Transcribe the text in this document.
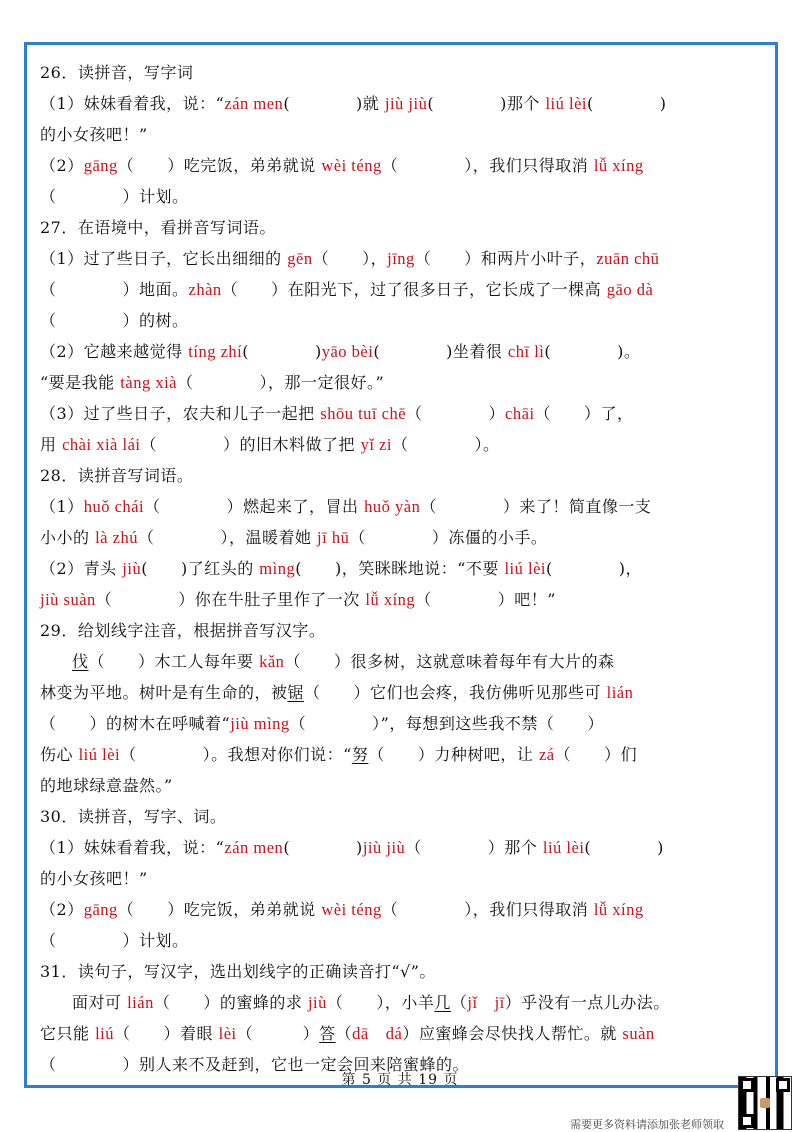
26．读拼音，写字词
（1）妹妹看着我，说：“zán men(　　　　)就 jiù jiù(　　　　)那个 liú lèi(　　　　)
的小女孩吧！”
（2）gāng（　　）吃完饭，弟弟就说 wèi téng（　　　　），我们只得取消 lǚ xíng
（　　　　）计划。
27．在语境中，看拼音写词语。
（1）过了些日子，它长出细细的 gēn（　　），jīng（　　）和两片小叶子，zuān chū
（　　　　）地面。zhàn（　　）在阳光下，过了很多日子，它长成了一棵高 gāo dà
（　　　　）的树。
（2）它越来越觉得 tíng zhí(　　　　)yāo bèi(　　　　)坐着很 chī lì(　　　　)。
“要是我能 tàng xià（　　　　），那一定很好。”
（3）过了些日子，农夫和儿子一起把 shōu tuī chē（　　　　）chāi（　　）了，
用 chài xià lái（　　　　）的旧木料做了把 yǐ zi（　　　　）。
28．读拼音写词语。
（1）huǒ chái（　　　　）燃起来了，冒出 huǒ yàn（　　　　）来了！简直像一支
小小的 là zhú（　　　　），温暖着她 jī hū（　　　　）冻僵的小手。
（2）青头 jiù(　　)了红头的 mìng(　　)，笑眯眯地说：“不要 liú lèi(　　　　)，
jiù suàn（　　　　）你在牛肚子里作了一次 lǚ xíng（　　　　）吧！”
29．给划线字注音，根据拼音写汉字。
伐（　　）木工人每年要 kǎn（　　）很多树，这就意味着每年有大片的森
林变为平地。树叶是有生命的，被锯（　　）它们也会疼，我仿佛听见那些可 lián
（　　）的树木在呼喊着“jiù mìng（　　　　）”，每想到这些我不禁（　　）
伤心 liú lèi（　　　　）。我想对你们说：“努（　　）力种树吧，让 zá（　　）们
的地球绿意盎然。”
30．读拼音，写字、词。
（1）妹妹看着我，说：“zán men(　　　　)jiù jiù（　　　　）那个 liú lèi(　　　　)
的小女孩吧！”
（2）gāng（　　）吃完饭，弟弟就说 wèi téng（　　　　），我们只得取消 lǚ xíng
（　　　　）计划。
31．读句子，写汉字，选出划线字的正确读音打“√”。
面对可 lián（　　）的蜜蜂的求 jiù（　　），小羊几（jǐ　jī）乎没有一点儿办法。
它只能 liú（　　）着眼 lèi（　　　）答（dā　dá）应蜜蜂会尽快找人帮忙。就 suàn
（　　　　）别人来不及赶到，它也一定会回来陪蜜蜂的。
第 5 页 共 19 页
需要更多资料请添加张老师领取
